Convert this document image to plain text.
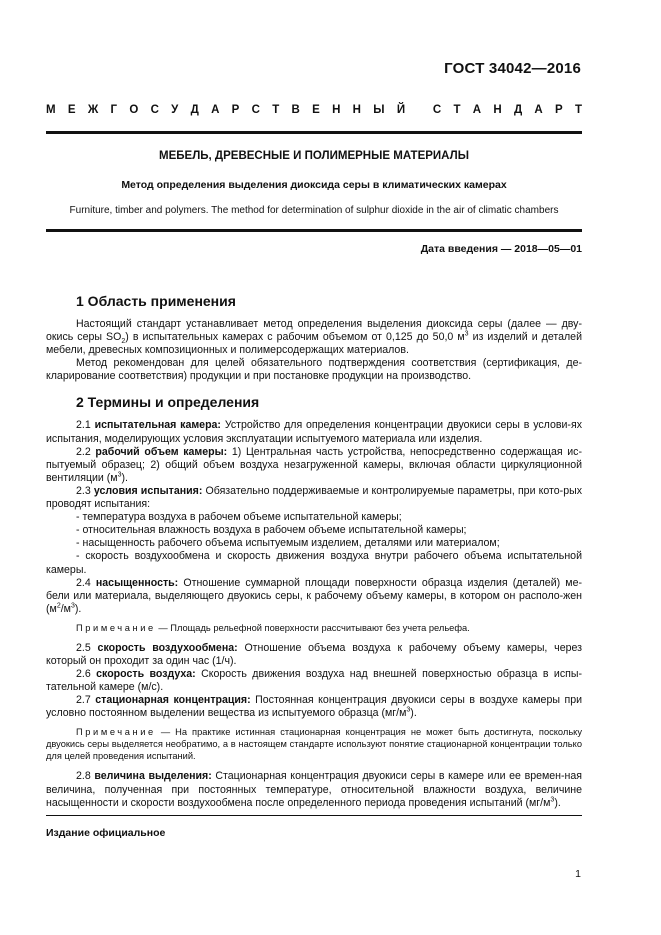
ГОСТ 34042—2016
М Е Ж Г О С У Д А Р С Т В Е Н Н Ы Й
С Т А Н Д А Р Т
МЕБЕЛЬ, ДРЕВЕСНЫЕ И ПОЛИМЕРНЫЕ МАТЕРИАЛЫ
Метод определения выделения диоксида серы в климатических камерах
Furniture, timber and polymers. The method for determination of sulphur dioxide in the air of climatic chambers
Дата введения — 2018—05—01
1 Область применения

Настоящий стандарт устанавливает метод определения выделения диоксида серы (далее — дву-окись серы $SO_2$) в испытательных камерах с рабочим объемом от 0,125 до 50,0 $м^3$ из изделий и деталей мебели, древесных композиционных и полимерсодержащих материалов.

Метод рекомендован для целей обязательного подтверждения соответствия (сертификация, де-кларирование соответствия) продукции и при постановке продукции на производство.

2 Термины и определения

2.1 испытательная камера: Устройство для определения концентрации двуокиси серы в услови-ях испытания, моделирующих условия эксплуатации испытуемого материала или изделия.

2.2 рабочий объем камеры: 1) Центральная часть устройства, непосредственно содержащая ис-пытуемый образец; 2) общий объем воздуха незагруженной камеры, включая области циркуляционной вентиляции $(м^3)$.

2.3 условия испытания: Обязательно поддерживаемые и контролируемые параметры, при кото-рых проводят испытания:

- температура воздуха в рабочем объеме испытательной камеры;
- относительная влажность воздуха в рабочем объеме испытательной камеры;
- насыщенность рабочего объема испытуемым изделием, деталями или материалом;
- скорость воздухообмена и скорость движения воздуха внутри рабочего объема испытательной камеры.

2.4 насыщенность: Отношение суммарной площади поверхности образца изделия (деталей) ме-бели или материала, выделяющего двуокись серы, к рабочему объему камеры, в котором он располо-жен $(м^2/м^3)$.

Примечание — Площадь рельефной поверхности рассчитывают без учета рельефа.

2.5 скорость воздухообмена: Отношение объема воздуха к рабочему объему камеры, через который он проходит за один час (1/ч).

2.6 скорость воздуха: Скорость движения воздуха над внешней поверхностью образца в испы-тательной камере (м/с).

2.7 стационарная концентрация: Постоянная концентрация двуокиси серы в воздухе камеры при условно постоянном выделении вещества из испытуемого образца $(мг/м^3)$.

Примечание — На практике истинная стационарная концентрация не может быть достигнута, поскольку двуокись серы выделяется необратимо, а в настоящем стандарте используют понятие стационарной концентрации только для целей проведения испытаний.

2.8 величина выделения: Стационарная концентрация двуокиси серы в камере или ее времен-ная величина, полученная при постоянных температуре, относительной влажности воздуха, величине насыщенности и скорости воздухообмена после определенного периода проведения испытаний $(мг/м^3)$.

Издание официальное
1
